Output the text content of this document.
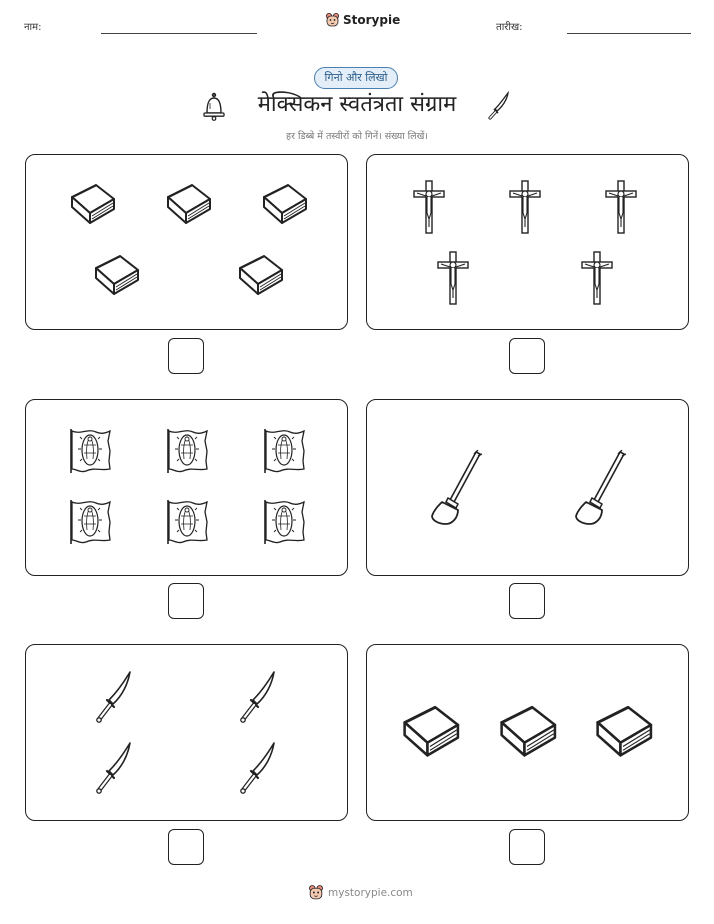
नाम:
Storypie
तारीख:
गिनो और लिखो
मेक्सिकन स्वतंत्रता संग्राम
हर डिब्बे में तस्वीरों को गिनें। संख्या लिखें।
mystorypie.com
